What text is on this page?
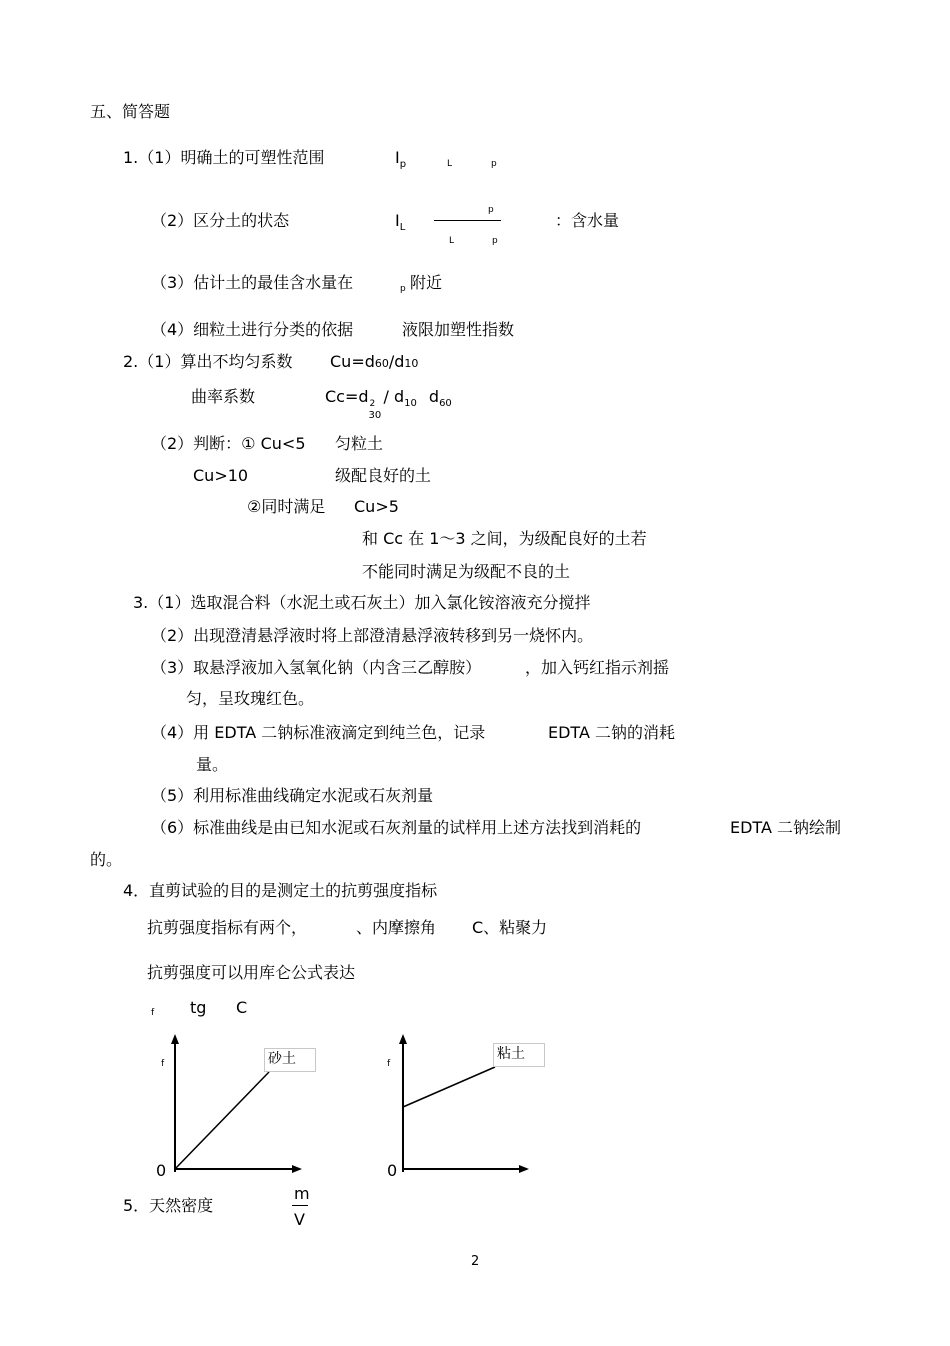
五、简答题
1.（1）明确土的可塑性范围	$I_p$	L	p
（2）区分土的状态	$I_L$
p
L	p
：含水量
（3）估计土的最佳含水量在	p 附近
（4）细粒土进行分类的依据	液限加塑性指数
2.（1）算出不均匀系数 Cu=d60/d10
曲率系数	Cc=d 2
30
/ $d_{10}$ $d_{60}$
（2）判断：① Cu<5 匀粒土
Cu>10	级配良好的土
②同时满足 Cu>5
和 Cc 在 1～3 之间，为级配良好的土若
不能同时满足为级配不良的土
3.（1）选取混合料（水泥土或石灰土）加入氯化铵溶液充分搅拌
（2）出现澄清悬浮液时将上部澄清悬浮液转移到另一烧怀内。
（3）取悬浮液加入氢氧化钠（内含三乙醇胺）	，加入钙红指示剂摇
匀，呈玫瑰红色。
（4）用 EDTA 二钠标准液滴定到纯兰色，记录	EDTA 二钠的消耗
量。
（5）利用标准曲线确定水泥或石灰剂量
（6）标准曲线是由已知水泥或石灰剂量的试样用上述方法找到消耗的	EDTA 二钠绘制
的。
4．直剪试验的目的是测定土的抗剪强度指标
抗剪强度指标有两个，	、内摩擦角 C、粘聚力
抗剪强度可以用库仑公式表达
f tg C
f
0
砂土	f
0
粘土
5．天然密度
m
V
2
